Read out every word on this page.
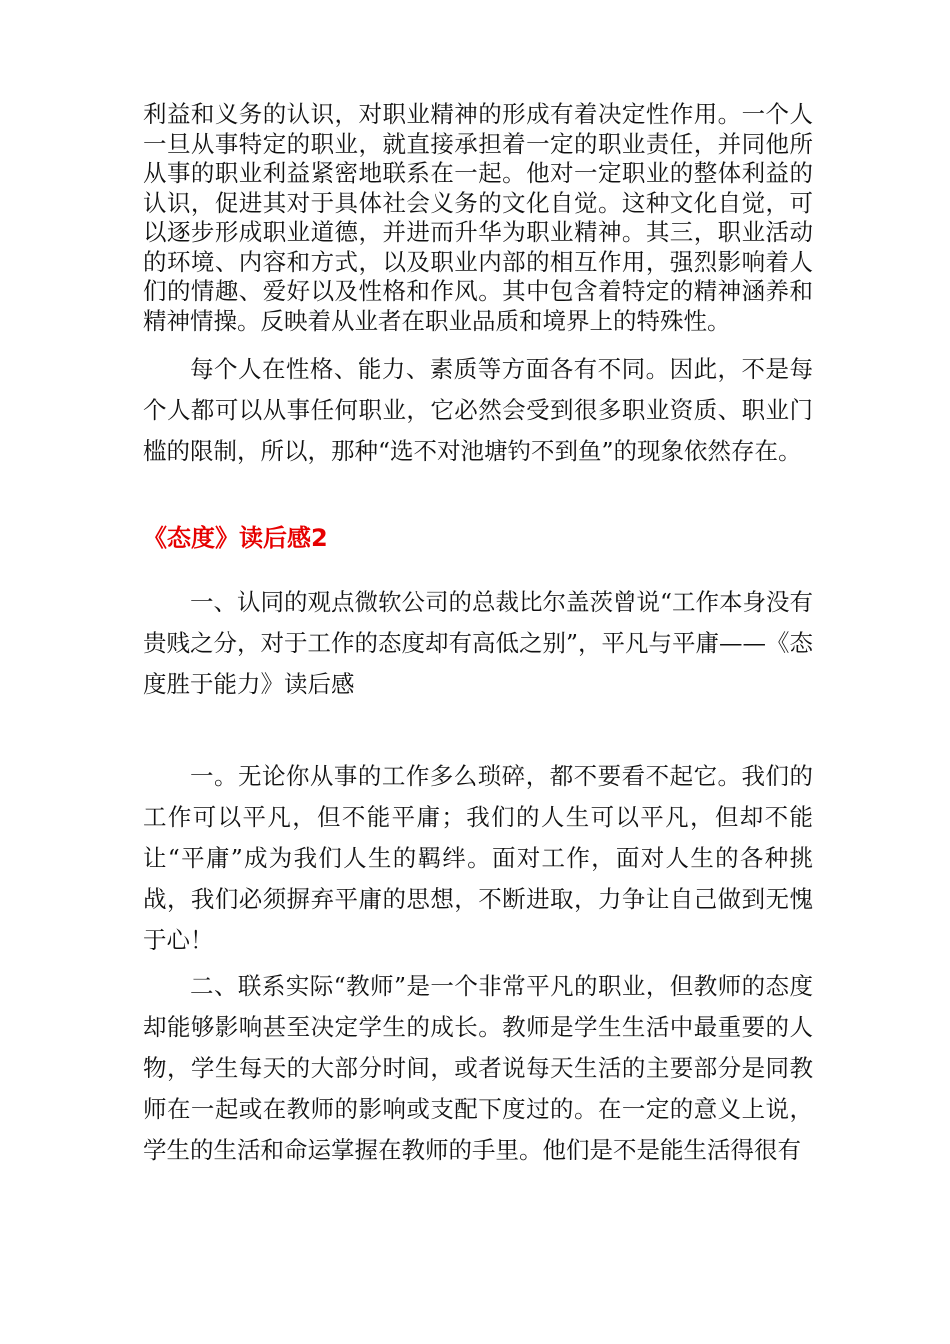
利益和义务的认识，对职业精神的形成有着决定性作用。一个人一旦从事特定的职业，就直接承担着一定的职业责任，并同他所从事的职业利益紧密地联系在一起。他对一定职业的整体利益的认识，促进其对于具体社会义务的文化自觉。这种文化自觉，可以逐步形成职业道德，并进而升华为职业精神。其三，职业活动的环境、内容和方式，以及职业内部的相互作用，强烈影响着人们的情趣、爱好以及性格和作风。其中包含着特定的精神涵养和精神情操。反映着从业者在职业品质和境界上的特殊性。

每个人在性格、能力、素质等方面各有不同。因此，不是每个人都可以从事任何职业，它必然会受到很多职业资质、职业门槛的限制，所以，那种“选不对池塘钓不到鱼”的现象依然存在。

《态度》读后感2

一、认同的观点微软公司的总裁比尔盖茨曾说“工作本身没有贵贱之分，对于工作的态度却有高低之别”，平凡与平庸——《态度胜于能力》读后感

一。无论你从事的工作多么琐碎，都不要看不起它。我们的工作可以平凡，但不能平庸；我们的人生可以平凡，但却不能让“平庸”成为我们人生的羁绊。面对工作，面对人生的各种挑战，我们必须摒弃平庸的思想，不断进取，力争让自己做到无愧于心！

二、联系实际“教师”是一个非常平凡的职业，但教师的态度却能够影响甚至决定学生的成长。教师是学生生活中最重要的人物，学生每天的大部分时间，或者说每天生活的主要部分是同教师在一起或在教师的影响或支配下度过的。在一定的意义上说，学生的生活和命运掌握在教师的手里。他们是不是能生活得很有
